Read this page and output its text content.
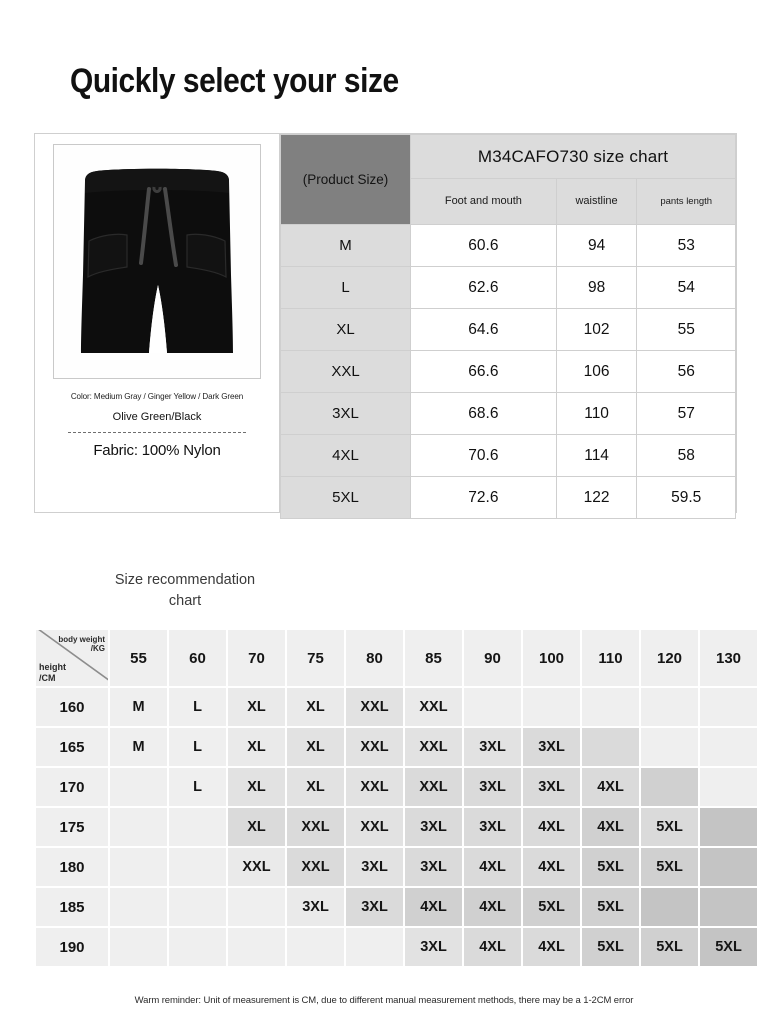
Quickly select your size
Color: Medium Gray / Ginger Yellow / Dark Green
Olive Green/Black
Fabric: 100% Nylon
(Product Size)	M34CAFO730 size chart		
	Foot and mouth	waistline	pants length
M	60.6	94	53
L	62.6	98	54
XL	64.6	102	55
XXL	66.6	106	56
3XL	68.6	110	57
4XL	70.6	114	58
5XL	72.6	122	59.5
Size recommendation
chart
body weight
/KG
height
/CM	55	60	70	75	80	85	90	100	110	120	130
160	M	L	XL	XL	XXL	XXL					
165	M	L	XL	XL	XXL	XXL	3XL	3XL			
170		L	XL	XL	XXL	XXL	3XL	3XL	4XL		
175			XL	XXL	XXL	3XL	3XL	4XL	4XL	5XL	
180			XXL	XXL	3XL	3XL	4XL	4XL	5XL	5XL	
185				3XL	3XL	4XL	4XL	5XL	5XL		
190						3XL	4XL	4XL	5XL	5XL	5XL
Warm reminder: Unit of measurement is CM, due to different manual measurement methods, there may be a 1-2CM error
